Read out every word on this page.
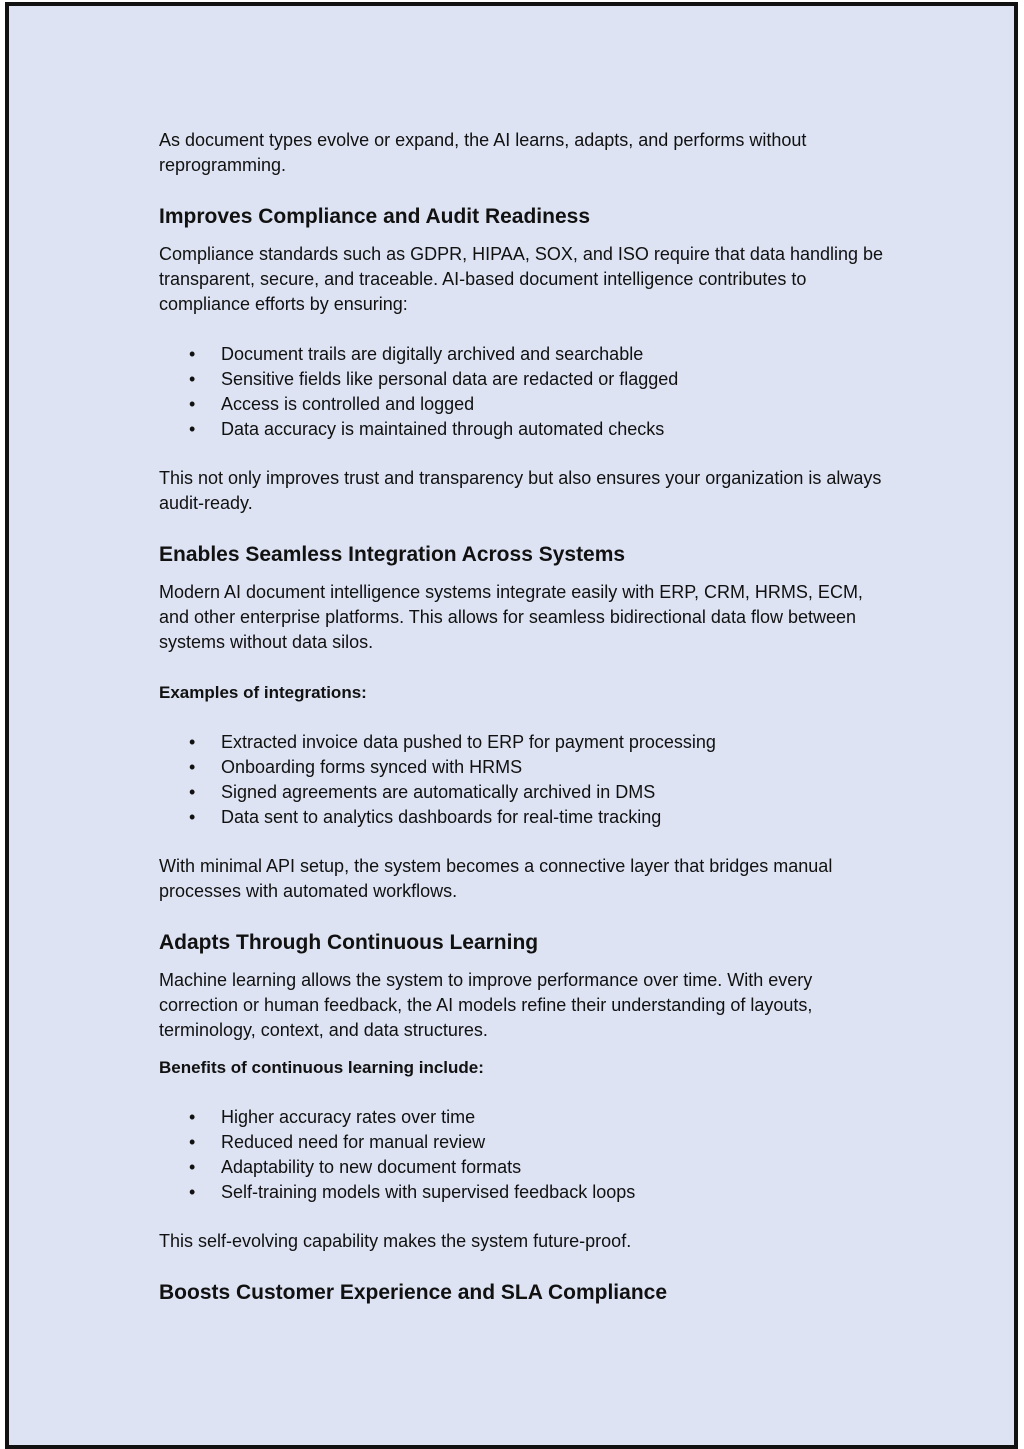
As document types evolve or expand, the AI learns, adapts, and performs without reprogramming.

Improves Compliance and Audit Readiness

Compliance standards such as GDPR, HIPAA, SOX, and ISO require that data handling be transparent, secure, and traceable. AI-based document intelligence contributes to compliance efforts by ensuring:

• Document trails are digitally archived and searchable
• Sensitive fields like personal data are redacted or flagged
• Access is controlled and logged
• Data accuracy is maintained through automated checks

This not only improves trust and transparency but also ensures your organization is always audit-ready.

Enables Seamless Integration Across Systems

Modern AI document intelligence systems integrate easily with ERP, CRM, HRMS, ECM, and other enterprise platforms. This allows for seamless bidirectional data flow between systems without data silos.

Examples of integrations:
• Extracted invoice data pushed to ERP for payment processing
• Onboarding forms synced with HRMS
• Signed agreements are automatically archived in DMS
• Data sent to analytics dashboards for real-time tracking

With minimal API setup, the system becomes a connective layer that bridges manual processes with automated workflows.

Adapts Through Continuous Learning

Machine learning allows the system to improve performance over time. With every correction or human feedback, the AI models refine their understanding of layouts, terminology, context, and data structures.

Benefits of continuous learning include:
• Higher accuracy rates over time
• Reduced need for manual review
• Adaptability to new document formats
• Self-training models with supervised feedback loops

This self-evolving capability makes the system future-proof.

Boosts Customer Experience and SLA Compliance
